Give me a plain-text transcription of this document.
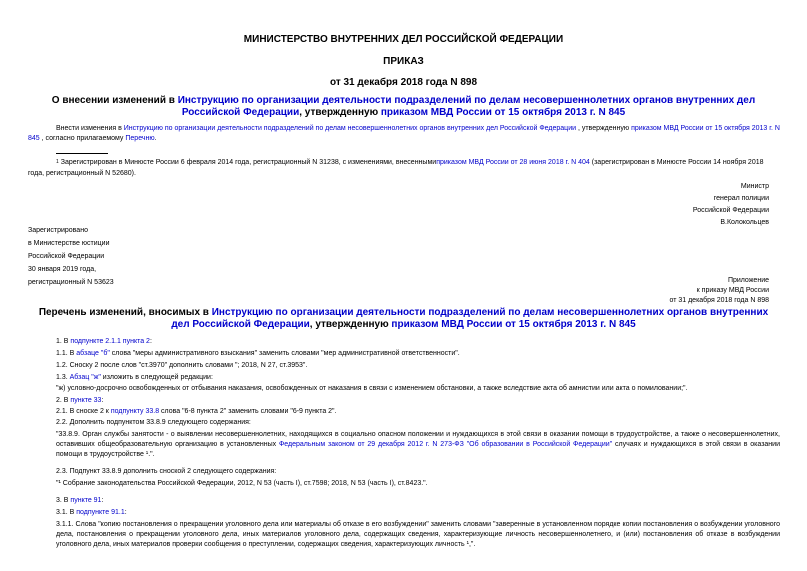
МИНИСТЕРСТВО ВНУТРЕННИХ ДЕЛ РОССИЙСКОЙ ФЕДЕРАЦИИ
ПРИКАЗ
от 31 декабря 2018 года N 898
О внесении изменений в Инструкцию по организации деятельности подразделений по делам несовершеннолетних органов внутренних дел Российской Федерации, утвержденную приказом МВД России от 15 октября 2013 г. N 845
Внести изменения в Инструкцию по организации деятельности подразделений по делам несовершеннолетних органов внутренних дел Российской Федерации , утвержденную приказом МВД России от 15 октября 2013 г. N 845 , согласно прилагаемому Перечню.
$^1$ Зарегистрирован в Минюсте России 6 февраля 2014 года, регистрационный N 31238, с изменениями, внесеннымиприказом МВД России от 28 июня 2018 г. N 404 (зарегистрирован в Минюсте России 14 ноября 2018 года, регистрационный N 52680).
Министр
генерал полиции
Российской Федерации
В.Колокольцев
Зарегистрировано
в Министерстве юстиции
Российской Федерации
30 января 2019 года,
регистрационный N 53623	Приложение
к приказу МВД России
от 31 декабря 2018 года N 898
Перечень изменений, вносимых в Инструкцию по организации деятельности подразделений по делам несовершеннолетних органов внутренних дел Российской Федерации, утвержденную приказом МВД России от 15 октября 2013 г. N 845
1. В подпункте 2.1.1 пункта 2:
1.1. В абзаце "б" слова "меры административного взыскания" заменить словами "мер административной ответственности".
1.2. Сноску 2 после слов "ст.3970" дополнить словами "; 2018, N 27, ст.3953".
1.3. Абзац "ж" изложить в следующей редакции:
"ж) условно-досрочно освобожденных от отбывания наказания, освобожденных от наказания в связи с изменением обстановки, а также вследствие акта об амнистии или акта о помиловании;".
2. В пункте 33:
2.1. В сноске 2 к подпункту 33.8 слова "6-8 пункта 2" заменить словами "6-9 пункта 2".
2.2. Дополнить подпунктом 33.8.9 следующего содержания:
"33.8.9. Орган службы занятости - о выявлении несовершеннолетних, находящихся в социально опасном положении и нуждающихся в этой связи в оказании помощи в трудоустройстве, а также о несовершеннолетних, оставивших общеобразовательную организацию в установленных Федеральным законом от 29 декабря 2012 г. N 273-ФЗ "Об образовании в Российской Федерации" случаях и нуждающихся в этой связи в оказании помощи в трудоустройстве ¹.".
2.3. Подпункт 33.8.9 дополнить сноской 2 следующего содержания:
"¹ Собрание законодательства Российской Федерации, 2012, N 53 (часть I), ст.7598; 2018, N 53 (часть I), ст.8423.".
3. В пункте 91:
3.1. В подпункте 91.1:
3.1.1. Слова "копию постановления о прекращении уголовного дела или материалы об отказе в его возбуждении" заменить словами "заверенные в установленном порядке копии постановления о возбуждении уголовного дела, постановления о прекращении уголовного дела, иных материалов уголовного дела, содержащих сведения, характеризующие личность несовершеннолетнего, и (или) постановления об отказе в возбуждении уголовного дела, иных материалов проверки сообщения о преступлении, содержащих сведения, характеризующих личность ¹,".
